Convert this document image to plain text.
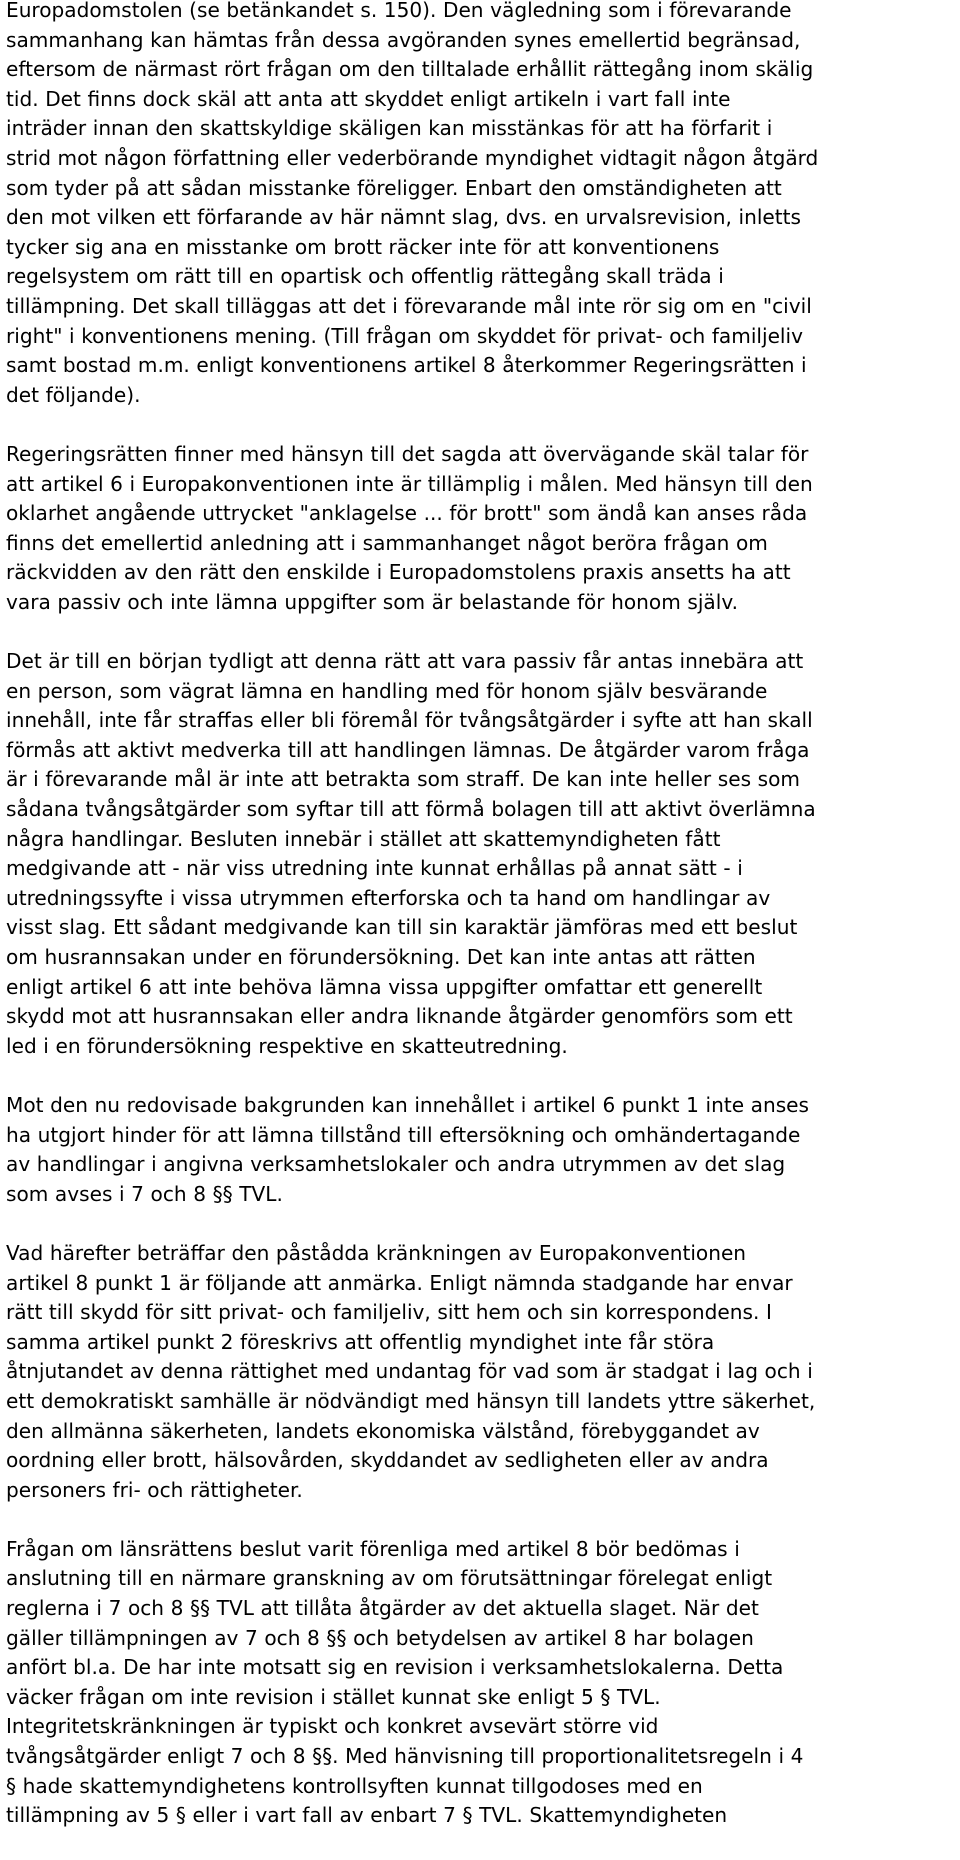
Europadomstolen (se betänkandet s. 150). Den vägledning som i förevarande
sammanhang kan hämtas från dessa avgöranden synes emellertid begränsad,
eftersom de närmast rört frågan om den tilltalade erhållit rättegång inom skälig
tid. Det finns dock skäl att anta att skyddet enligt artikeln i vart fall inte
inträder innan den skattskyldige skäligen kan misstänkas för att ha förfarit i
strid mot någon författning eller vederbörande myndighet vidtagit någon åtgärd
som tyder på att sådan misstanke föreligger. Enbart den omständigheten att
den mot vilken ett förfarande av här nämnt slag, dvs. en urvalsrevision, inletts
tycker sig ana en misstanke om brott räcker inte för att konventionens
regelsystem om rätt till en opartisk och offentlig rättegång skall träda i
tillämpning. Det skall tilläggas att det i förevarande mål inte rör sig om en "civil
right" i konventionens mening. (Till frågan om skyddet för privat- och familjeliv
samt bostad m.m. enligt konventionens artikel 8 återkommer Regeringsrätten i
det följande).
Regeringsrätten finner med hänsyn till det sagda att övervägande skäl talar för
att artikel 6 i Europakonventionen inte är tillämplig i målen. Med hänsyn till den
oklarhet angående uttrycket "anklagelse ... för brott" som ändå kan anses råda
finns det emellertid anledning att i sammanhanget något beröra frågan om
räckvidden av den rätt den enskilde i Europadomstolens praxis ansetts ha att
vara passiv och inte lämna uppgifter som är belastande för honom själv.
Det är till en början tydligt att denna rätt att vara passiv får antas innebära att
en person, som vägrat lämna en handling med för honom själv besvärande
innehåll, inte får straffas eller bli föremål för tvångsåtgärder i syfte att han skall
förmås att aktivt medverka till att handlingen lämnas. De åtgärder varom fråga
är i förevarande mål är inte att betrakta som straff. De kan inte heller ses som
sådana tvångsåtgärder som syftar till att förmå bolagen till att aktivt överlämna
några handlingar. Besluten innebär i stället att skattemyndigheten fått
medgivande att - när viss utredning inte kunnat erhållas på annat sätt - i
utredningssyfte i vissa utrymmen efterforska och ta hand om handlingar av
visst slag. Ett sådant medgivande kan till sin karaktär jämföras med ett beslut
om husrannsakan under en förundersökning. Det kan inte antas att rätten
enligt artikel 6 att inte behöva lämna vissa uppgifter omfattar ett generellt
skydd mot att husrannsakan eller andra liknande åtgärder genomförs som ett
led i en förundersökning respektive en skatteutredning.
Mot den nu redovisade bakgrunden kan innehållet i artikel 6 punkt 1 inte anses
ha utgjort hinder för att lämna tillstånd till eftersökning och omhändertagande
av handlingar i angivna verksamhetslokaler och andra utrymmen av det slag
som avses i 7 och 8 §§ TVL.
Vad härefter beträffar den påstådda kränkningen av Europakonventionen
artikel 8 punkt 1 är följande att anmärka. Enligt nämnda stadgande har envar
rätt till skydd för sitt privat- och familjeliv, sitt hem och sin korrespondens. I
samma artikel punkt 2 föreskrivs att offentlig myndighet inte får störa
åtnjutandet av denna rättighet med undantag för vad som är stadgat i lag och i
ett demokratiskt samhälle är nödvändigt med hänsyn till landets yttre säkerhet,
den allmänna säkerheten, landets ekonomiska välstånd, förebyggandet av
oordning eller brott, hälsovården, skyddandet av sedligheten eller av andra
personers fri- och rättigheter.
Frågan om länsrättens beslut varit förenliga med artikel 8 bör bedömas i
anslutning till en närmare granskning av om förutsättningar förelegat enligt
reglerna i 7 och 8 §§ TVL att tillåta åtgärder av det aktuella slaget. När det
gäller tillämpningen av 7 och 8 §§ och betydelsen av artikel 8 har bolagen
anfört bl.a. De har inte motsatt sig en revision i verksamhetslokalerna. Detta
väcker frågan om inte revision i stället kunnat ske enligt 5 § TVL.
Integritetskränkningen är typiskt och konkret avsevärt större vid
tvångsåtgärder enligt 7 och 8 §§. Med hänvisning till proportionalitetsregeln i 4
§ hade skattemyndighetens kontrollsyften kunnat tillgodoses med en
tillämpning av 5 § eller i vart fall av enbart 7 § TVL. Skattemyndigheten
